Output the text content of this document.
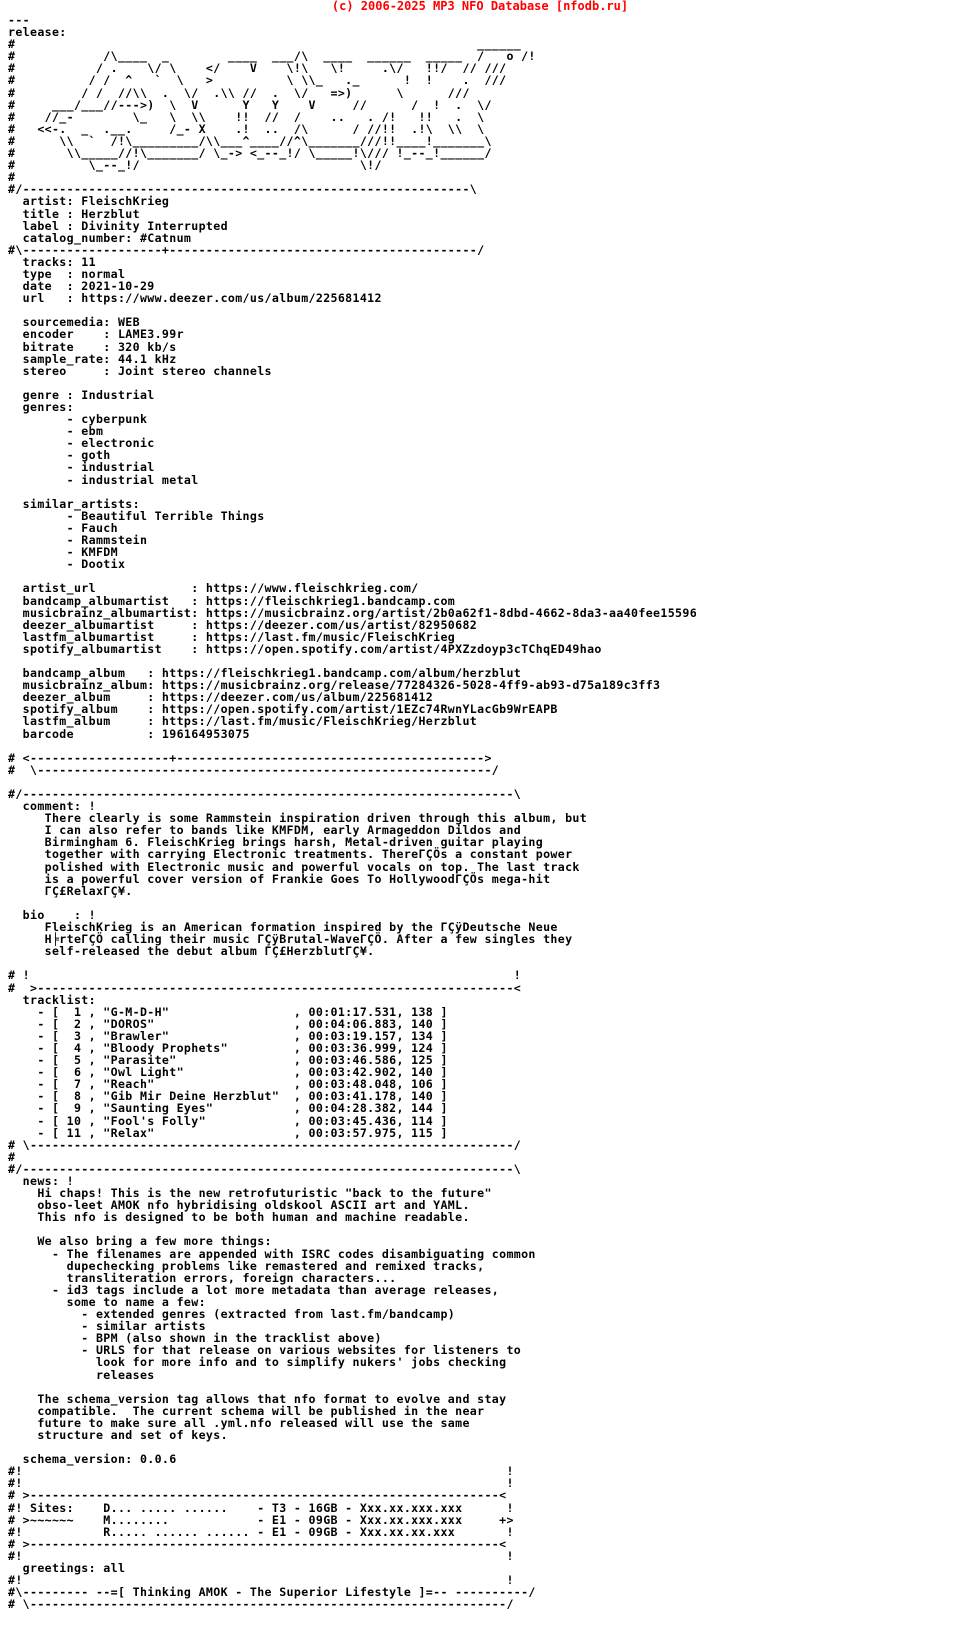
(c) 2006-2025 MP3 NFO Database [nfodb.ru]
---
release:
#                                                               ______
#            /\____  _        ____  ___/\  ____  ______  _____  /   o /!
#           / .    \/ \    </    V    \!\   \!     .\/   !!/  // ///
#          / /  ^   `  \   >          \ \\_   ._      !  !    .  ///
#         / /  //\\  .  \/  .\\ //  .  \/   =>)      \      ///
#     ___/___//--->)  \  V      Y   Y    V     //      /  !  .  \/
#    //_-        \_   \  \\    !!  //  /    ..   . /!   !!   .  \
#   <<-.  _  .__.     /_- X    .!  ..  /\      / //!!  .!\  \\  \
#      \\  `  /!\_________/\\___^____//^\_______///!!____!_______\
#       \\_____//!\_______/ \_-> <_--_!/ \_____!\/// !_--_!______/
#          \_--_!/                              \!/
#
#/-------------------------------------------------------------\
artist: FleischKrieg
title : Herzblut
label : Divinity Interrupted
catalog_number: #Catnum
#\-------------------+------------------------------------------/
tracks: 11
type  : normal
date  : 2021-10-29
url   : https://www.deezer.com/us/album/225681412

sourcemedia: WEB
encoder    : LAME3.99r
bitrate    : 320 kb/s
sample_rate: 44.1 kHz
stereo     : Joint stereo channels

genre : Industrial
genres:
- cyberpunk
- ebm
- electronic
- goth
- industrial
- industrial metal

similar_artists:
- Beautiful Terrible Things
- Fauch
- Rammstein
- KMFDM
- Dootix

artist_url             : https://www.fleischkrieg.com/
bandcamp_albumartist   : https://fleischkrieg1.bandcamp.com
musicbrainz_albumartist: https://musicbrainz.org/artist/2b0a62f1-8dbd-4662-8da3-aa40fee15596
deezer_albumartist     : https://deezer.com/us/artist/82950682
lastfm_albumartist     : https://last.fm/music/FleischKrieg
spotify_albumartist    : https://open.spotify.com/artist/4PXZzdoyp3cTChqED49hao

bandcamp_album   : https://fleischkrieg1.bandcamp.com/album/herzblut
musicbrainz_album: https://musicbrainz.org/release/77284326-5028-4ff9-ab93-d75a189c3ff3
deezer_album     : https://deezer.com/us/album/225681412
spotify_album    : https://open.spotify.com/artist/1EZc74RwnYLacGb9WrEAPB
lastfm_album     : https://last.fm/music/FleischKrieg/Herzblut
barcode          : 196164953075

# <-------------------+------------------------------------------>
#  \--------------------------------------------------------------/

#/-------------------------------------------------------------------\
comment: !
There clearly is some Rammstein inspiration driven through this album, but
I can also refer to bands like KMFDM, early Armageddon Dildos and
Birmingham 6. FleischKrieg brings harsh, Metal-driven guitar playing
together with carrying Electronic treatments. ThereΓÇÖs a constant power
polished with Electronic music and powerful vocals on top. The last track
is a powerful cover version of Frankie Goes To HollywoodΓÇÖs mega-hit
ΓÇ£RelaxΓÇ¥.

bio    : !
FleischKrieg is an American formation inspired by the ΓÇÿDeutsche Neue
H╞rteΓÇÖ calling their music ΓÇÿBrutal-WaveΓÇÖ. After a few singles they
self-released the debut album ΓÇ£HerzblutΓÇ¥.

# !                                                                  !
#  >-----------------------------------------------------------------<
tracklist:
- [  1 , "G-M-D-H"                 , 00:01:17.531, 138 ]
- [  2 , "DOROS"                   , 00:04:06.883, 140 ]
- [  3 , "Brawler"                 , 00:03:19.157, 134 ]
- [  4 , "Bloody Prophets"         , 00:03:36.999, 124 ]
- [  5 , "Parasite"                , 00:03:46.586, 125 ]
- [  6 , "Owl Light"               , 00:03:42.902, 140 ]
- [  7 , "Reach"                   , 00:03:48.048, 106 ]
- [  8 , "Gib Mir Deine Herzblut"  , 00:03:41.178, 140 ]
- [  9 , "Saunting Eyes"           , 00:04:28.382, 144 ]
- [ 10 , "Fool's Folly"            , 00:03:45.436, 114 ]
- [ 11 , "Relax"                   , 00:03:57.975, 115 ]
# \------------------------------------------------------------------/
#
#/-------------------------------------------------------------------\
news: !
Hi chaps! This is the new retrofuturistic "back to the future"
obso-leet AMOK nfo hybridising oldskool ASCII art and YAML.
This nfo is designed to be both human and machine readable.

We also bring a few more things:
- The filenames are appended with ISRC codes disambiguating common
dupechecking problems like remastered and remixed tracks,
transliteration errors, foreign characters...
- id3 tags include a lot more metadata than average releases,
some to name a few:
- extended genres (extracted from last.fm/bandcamp)
- similar artists
- BPM (also shown in the tracklist above)
- URLS for that release on various websites for listeners to
look for more info and to simplify nukers' jobs checking
releases

The schema_version tag allows that nfo format to evolve and stay
compatible.  The current schema will be published in the near
future to make sure all .yml.nfo released will use the same
structure and set of keys.

schema_version: 0.0.6
#!                                                                  !
#!                                                                  !
# >----------------------------------------------------------------<
#! Sites:    D... ..... ......    - T3 - 16GB - Xxx.xx.xxx.xxx      !
# >~~~~~~    M........            - E1 - 09GB - Xxx.xx.xxx.xxx     +>
#!           R..... ...... ...... - E1 - 09GB - Xxx.xx.xx.xxx       !
# >----------------------------------------------------------------<
#!                                                                  !
greetings: all
#!                                                                  !
#\--------- --=[ Thinking AMOK - The Superior Lifestyle ]=-- ----------/
# \-----------------------------------------------------------------/
